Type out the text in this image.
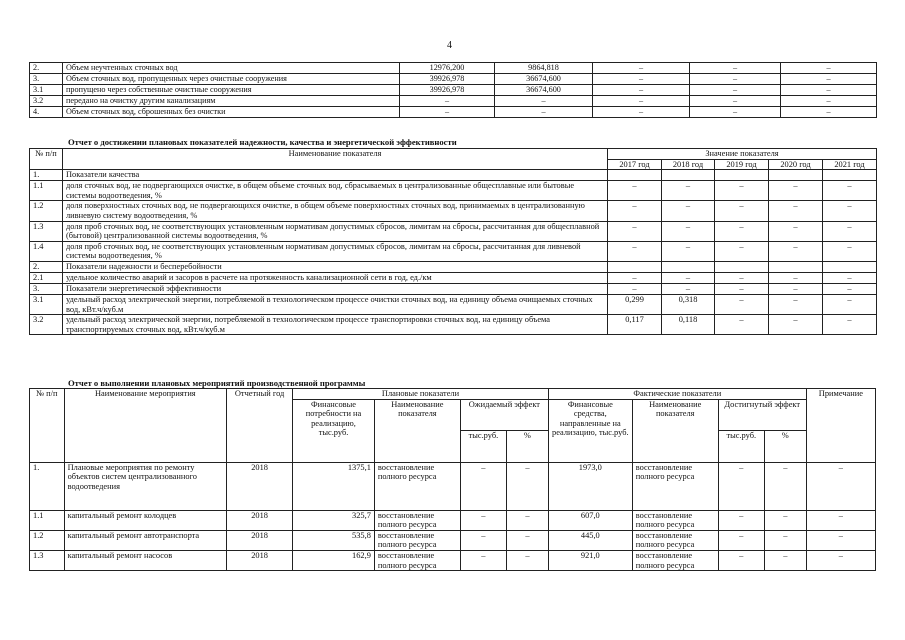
4
2.	Объем неучтенных сточных вод	12976,200	9864,818	–	–	–
3.	Объем сточных вод, пропущенных через очистные сооружения	39926,978	36674,600	–	–	–
3.1	пропущено через собственные очистные сооружения	39926,978	36674,600	–	–	–
3.2	передано на очистку другим канализациям	–	–	–	–	–
4.	Объем сточных вод, сброшенных без очистки	–	–	–	–	–
Отчет о достижении плановых показателей надежности, качества и энергетической эффективности
№ п/п	Наименование показателя	Значение показателя				
		2017 год	2018 год	2019 год	2020 год	2021 год
1.	Показатели качества					
1.1	доля сточных вод, не подвергающихся очистке, в общем объеме сточных вод, сбрасываемых в централизованные общесплавные или бытовые системы водоотведения, %	–	–	–	–	–
1.2	доля поверхностных сточных вод, не подвергающихся очистке, в общем объеме поверхностных сточных вод, принимаемых в централизованную ливневую систему водоотведения, %	–	–	–	–	–
1.3	доля проб сточных вод, не соответствующих установленным нормативам допустимых сбросов, лимитам на сбросы, рассчитанная для общесплавной (бытовой) централизованной системы водоотведения, %	–	–	–	–	–
1.4	доля проб сточных вод, не соответствующих установленным нормативам допустимых сбросов, лимитам на сбросы, рассчитанная для ливневой системы водоотведения, %	–	–	–	–	–
2.	Показатели надежности и бесперебойности					
2.1	удельное количество аварий и засоров в расчете на протяженность канализационной сети в год, ед./км	–	–	–	–	–
3.	Показатели энергетической эффективности	–	–	–	–	–
3.1	удельный расход электрической энергии, потребляемой в технологическом процессе очистки сточных вод, на единицу объема очищаемых сточных вод, кВт.ч/куб.м	0,299	0,318	–	–	–
3.2	удельный расход электрической энергии, потребляемой в технологическом процессе транспортировки сточных вод, на единицу объема транспортируемых сточных вод, кВт.ч/куб.м	0,117	0,118	–	–	–
Отчет о выполнении плановых мероприятий производственной программы
№ п/п	Наименование мероприятия	Отчетный год	Плановые показатели				Фактические показатели				Примечание
			Финансовые потребности на реализацию, тыс.руб.	Наименование показателя	Ожидаемый эффект		Финансовые средства, направленные на реализацию, тыс.руб.	Наименование показателя	Достигнутый эффект		
					тыс.руб.	%			тыс.руб.	%	
1.	Плановые мероприятия по ремонту объектов систем централизованного водоотведения	2018	1375,1	восстановление полного ресурса	–	–	1973,0	восстановление полного ресурса	–	–	–
1.1	капитальный ремонт колодцев	2018	325,7	восстановление полного ресурса	–	–	607,0	восстановление полного ресурса	–	–	–
1.2	капитальный ремонт автотранспорта	2018	535,8	восстановление полного ресурса	–	–	445,0	восстановление полного ресурса	–	–	–
1.3	капитальный ремонт насосов	2018	162,9	восстановление полного ресурса	–	–	921,0	восстановление полного ресурса	–	–	–
